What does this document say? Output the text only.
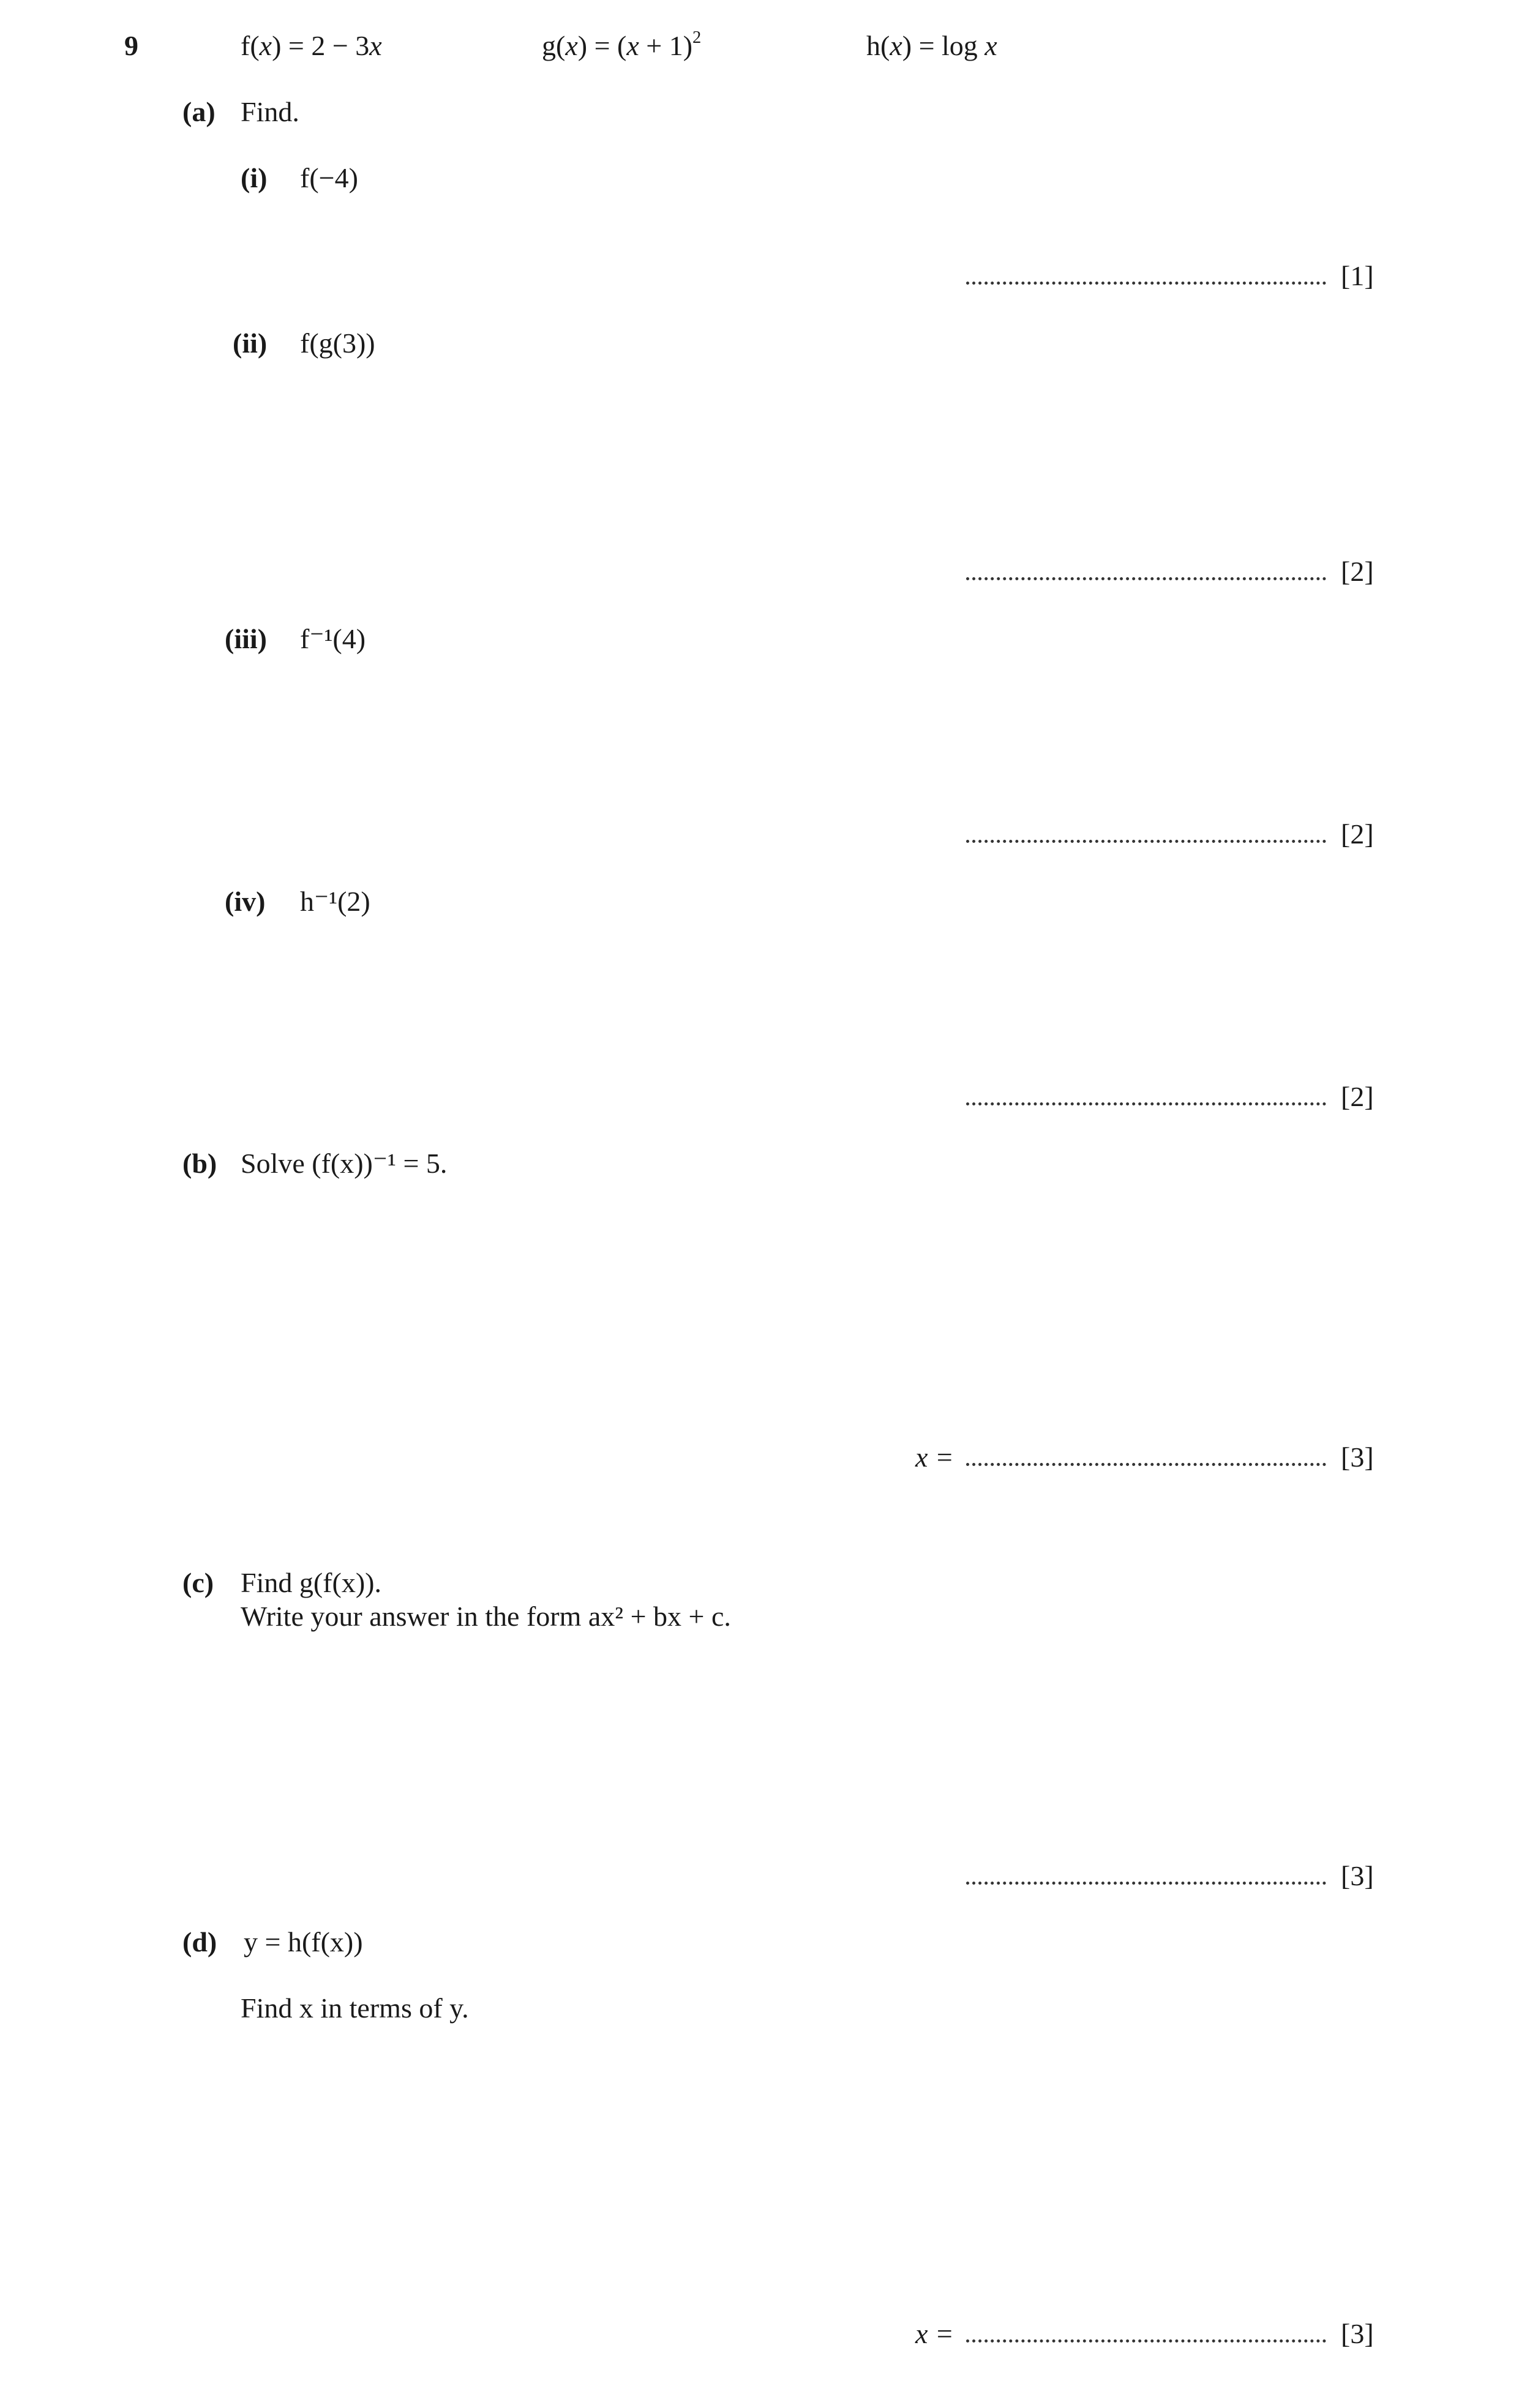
9	f(x) = 2 − 3x	$g(x) = (x + 1)^2$	h(x) = log x
(a) Find.
(i) f(−4)
[1]
(ii) f(g(3))
[2]
(iii) f⁻¹(4)
[2]
(iv) h⁻¹(2)
[2]
(b) Solve (f(x))⁻¹ = 5.
x =	[3]
(c) Find g(f(x)).
Write your answer in the form ax² + bx + c.
[3]
(d) y = h(f(x))
Find x in terms of y.
x =	[3]
